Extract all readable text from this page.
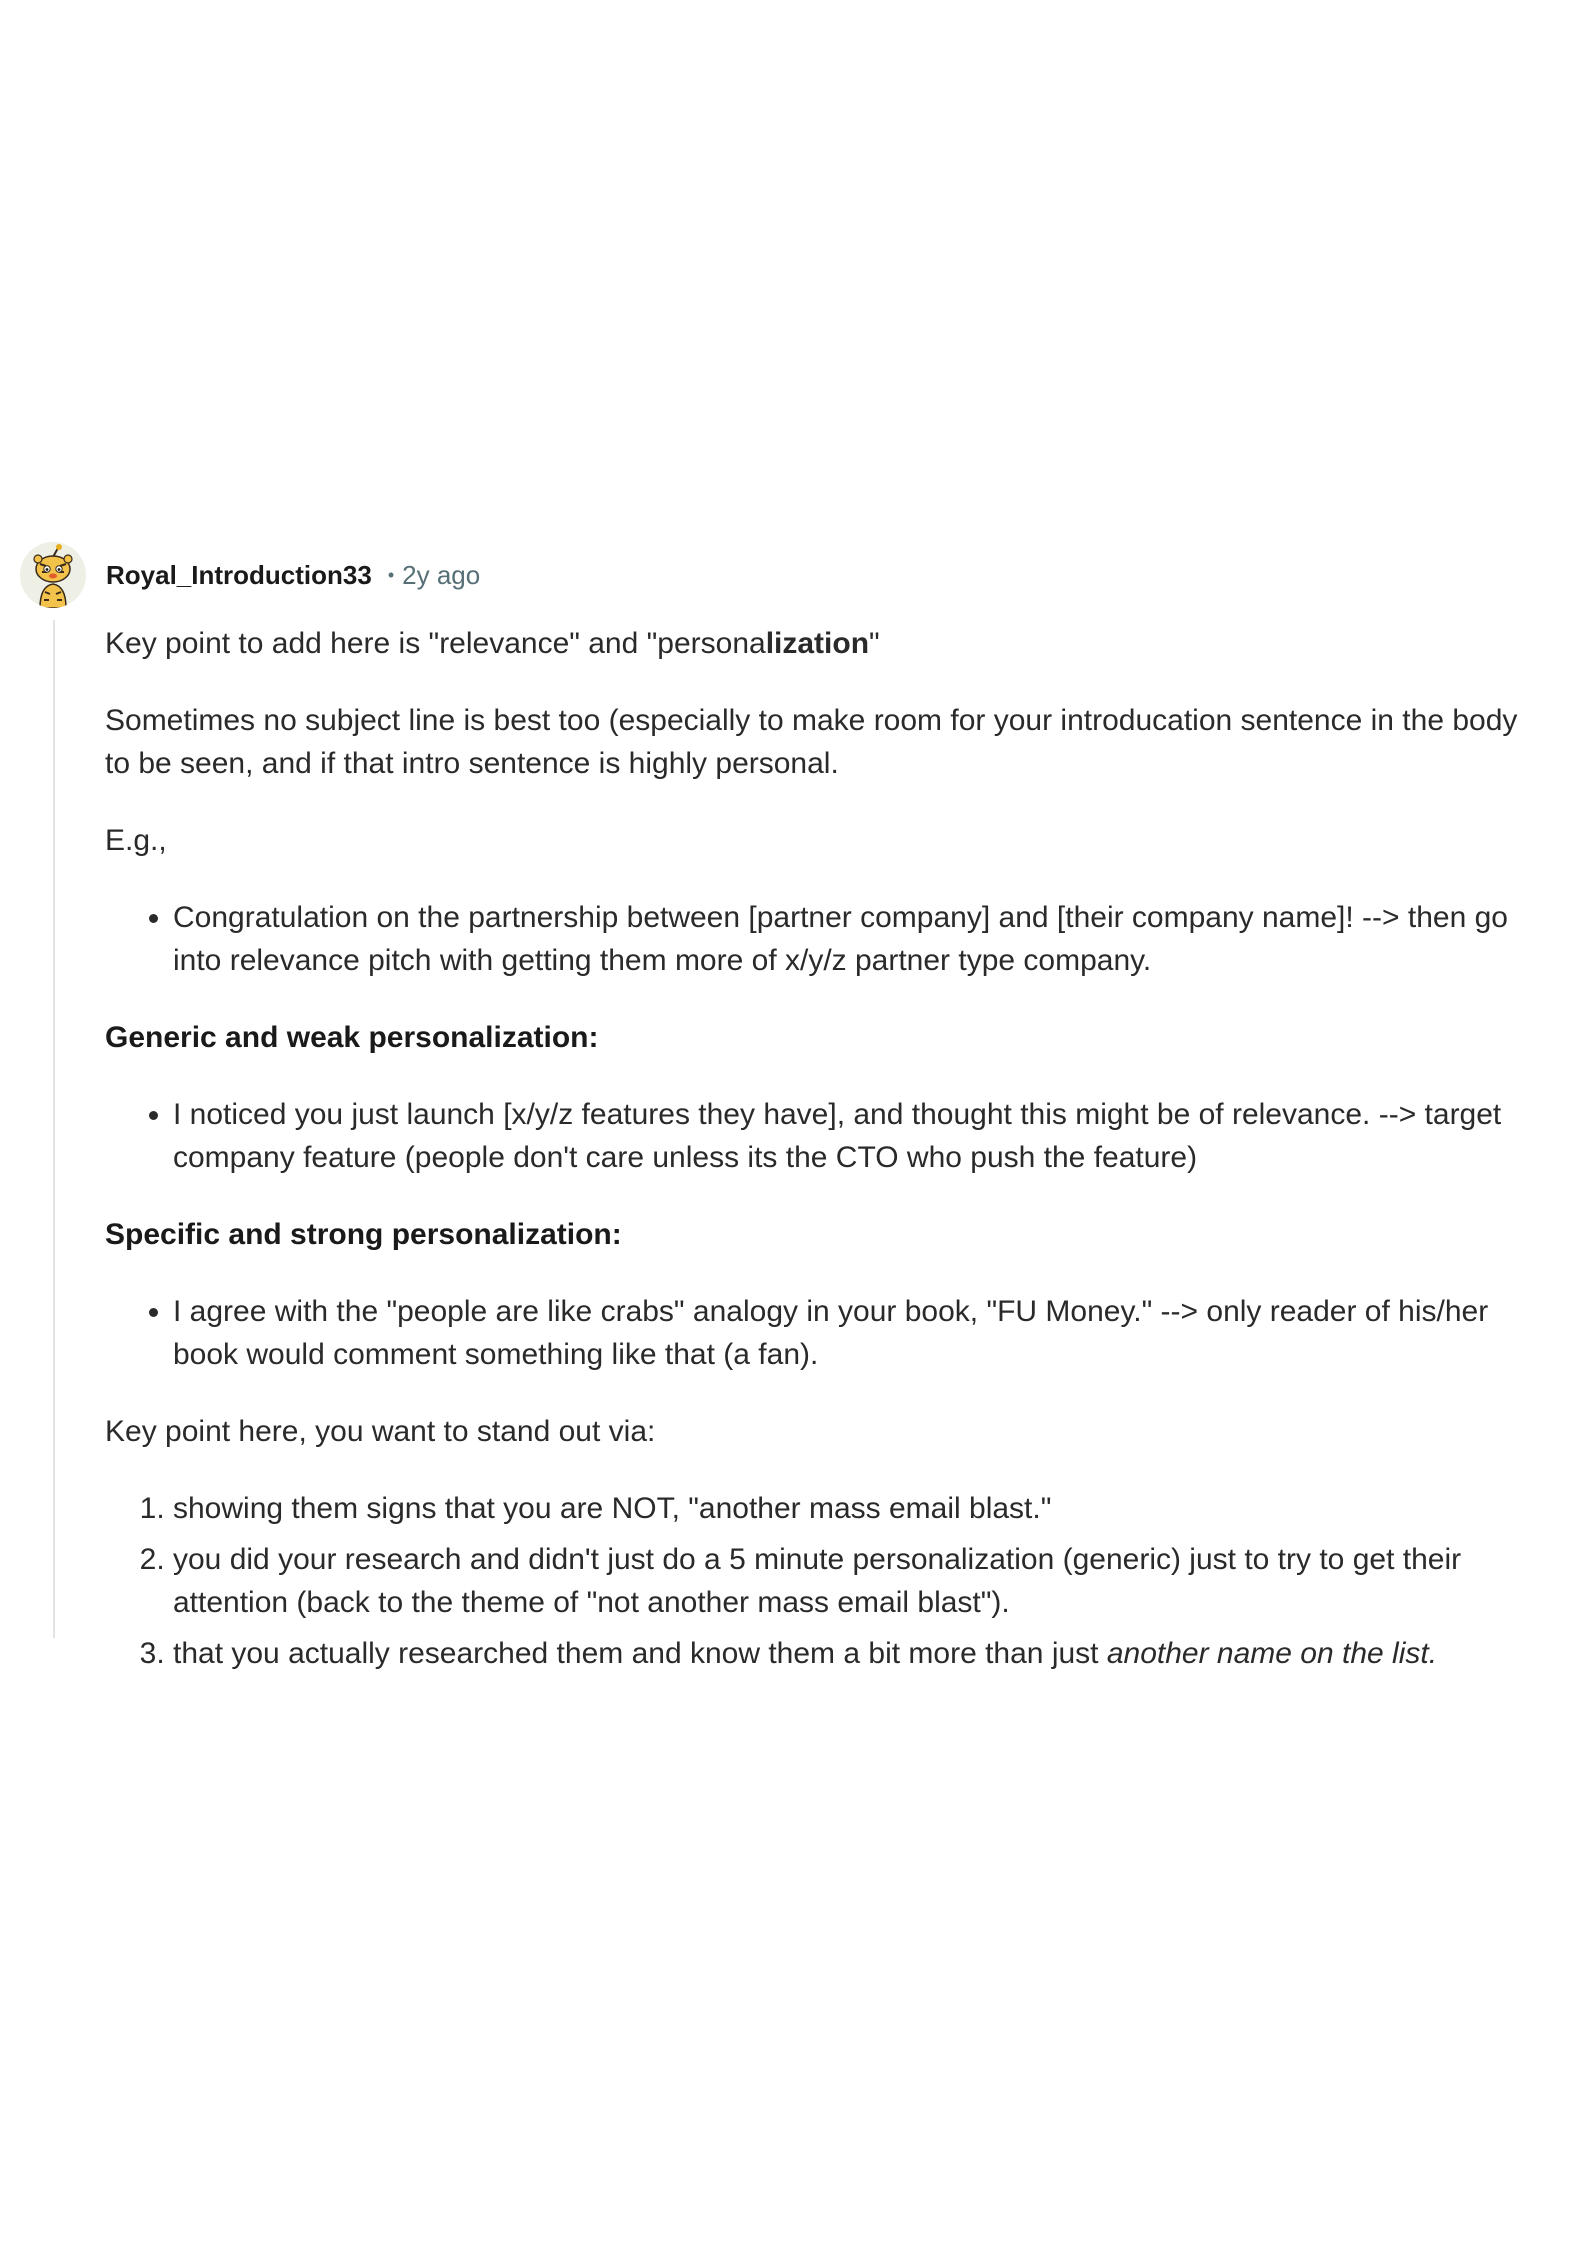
Royal_Introduction33 • 2y ago

Key point to add here is "relevance" and "personalization"

Sometimes no subject line is best too (especially to make room for your introducation sentence in the body to be seen, and if that intro sentence is highly personal.

E.g.,

• Congratulation on the partnership between [partner company] and [their company name]! --> then go into relevance pitch with getting them more of x/y/z partner type company.

Generic and weak personalization:

• I noticed you just launch [x/y/z features they have], and thought this might be of relevance. --> target company feature (people don't care unless its the CTO who push the feature)

Specific and strong personalization:

• I agree with the "people are like crabs" analogy in your book, "FU Money." --> only reader of his/her book would comment something like that (a fan).

Key point here, you want to stand out via:

1. showing them signs that you are NOT, "another mass email blast."
2. you did your research and didn't just do a 5 minute personalization (generic) just to try to get their attention (back to the theme of "not another mass email blast").
3. that you actually researched them and know them a bit more than just another name on the list.
